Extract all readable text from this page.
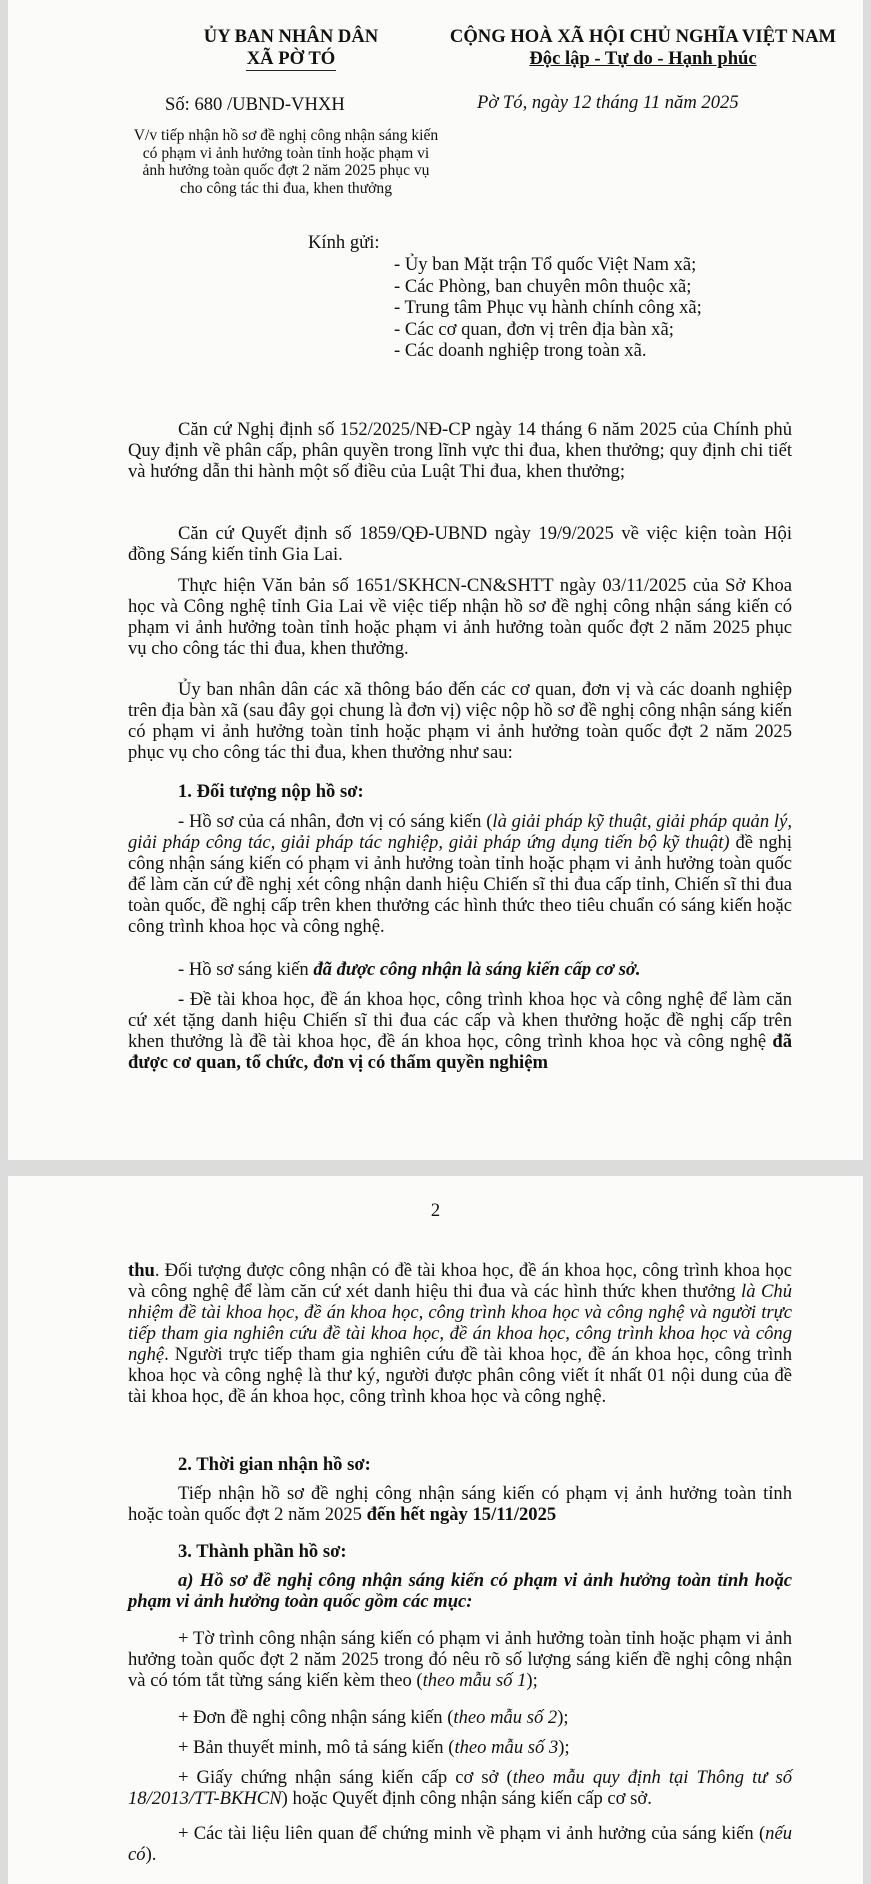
ỦY BAN NHÂN DÂN
XÃ PỜ TÓ
CỘNG HOÀ XÃ HỘI CHỦ NGHĨA VIỆT NAM
Độc lập - Tự do - Hạnh phúc
Số: 680 /UBND-VHXH	Pờ Tó, ngày 12 tháng 11 năm 2025
V/v tiếp nhận hồ sơ đề nghị công nhận sáng kiến
có phạm vi ảnh hưởng toàn tỉnh hoặc phạm vi
ảnh hưởng toàn quốc đợt 2 năm 2025 phục vụ
cho công tác thi đua, khen thưởng
Kính gửi:
- Ủy ban Mặt trận Tổ quốc Việt Nam xã;
- Các Phòng, ban chuyên môn thuộc xã;
- Trung tâm Phục vụ hành chính công xã;
- Các cơ quan, đơn vị trên địa bàn xã;
- Các doanh nghiệp trong toàn xã.

Căn cứ Nghị định số 152/2025/NĐ-CP ngày 14 tháng 6 năm 2025 của Chính phủ Quy định về phân cấp, phân quyền trong lĩnh vực thi đua, khen thưởng; quy định chi tiết và hướng dẫn thi hành một số điều của Luật Thi đua, khen thưởng;

Căn cứ Quyết định số 1859/QĐ-UBND ngày 19/9/2025 về việc kiện toàn Hội đồng Sáng kiến tỉnh Gia Lai.

Thực hiện Văn bản số 1651/SKHCN-CN&SHTT ngày 03/11/2025 của Sở Khoa học và Công nghệ tỉnh Gia Lai về việc tiếp nhận hồ sơ đề nghị công nhận sáng kiến có phạm vi ảnh hưởng toàn tỉnh hoặc phạm vi ảnh hưởng toàn quốc đợt 2 năm 2025 phục vụ cho công tác thi đua, khen thưởng.

Ủy ban nhân dân các xã thông báo đến các cơ quan, đơn vị và các doanh nghiệp trên địa bàn xã (sau đây gọi chung là đơn vị) việc nộp hồ sơ đề nghị công nhận sáng kiến có phạm vi ảnh hưởng toàn tỉnh hoặc phạm vi ảnh hưởng toàn quốc đợt 2 năm 2025 phục vụ cho công tác thi đua, khen thưởng như sau:

1. Đối tượng nộp hồ sơ:

- Hồ sơ của cá nhân, đơn vị có sáng kiến (là giải pháp kỹ thuật, giải pháp quản lý, giải pháp công tác, giải pháp tác nghiệp, giải pháp ứng dụng tiến bộ kỹ thuật) đề nghị công nhận sáng kiến có phạm vi ảnh hưởng toàn tỉnh hoặc phạm vi ảnh hưởng toàn quốc để làm căn cứ đề nghị xét công nhận danh hiệu Chiến sĩ thi đua cấp tỉnh, Chiến sĩ thi đua toàn quốc, đề nghị cấp trên khen thưởng các hình thức theo tiêu chuẩn có sáng kiến hoặc công trình khoa học và công nghệ.

- Hồ sơ sáng kiến đã được công nhận là sáng kiến cấp cơ sở.

- Đề tài khoa học, đề án khoa học, công trình khoa học và công nghệ để làm căn cứ xét tặng danh hiệu Chiến sĩ thi đua các cấp và khen thưởng hoặc đề nghị cấp trên khen thưởng là đề tài khoa học, đề án khoa học, công trình khoa học và công nghệ đã được cơ quan, tổ chức, đơn vị có thẩm quyền nghiệm

2

thu. Đối tượng được công nhận có đề tài khoa học, đề án khoa học, công trình khoa học và công nghệ để làm căn cứ xét danh hiệu thi đua và các hình thức khen thưởng là Chủ nhiệm đề tài khoa học, đề án khoa học, công trình khoa học và công nghệ và người trực tiếp tham gia nghiên cứu đề tài khoa học, đề án khoa học, công trình khoa học và công nghệ. Người trực tiếp tham gia nghiên cứu đề tài khoa học, đề án khoa học, công trình khoa học và công nghệ là thư ký, người được phân công viết ít nhất 01 nội dung của đề tài khoa học, đề án khoa học, công trình khoa học và công nghệ.

2. Thời gian nhận hồ sơ:

Tiếp nhận hồ sơ đề nghị công nhận sáng kiến có phạm vị ảnh hưởng toàn tỉnh hoặc toàn quốc đợt 2 năm 2025 đến hết ngày 15/11/2025

3. Thành phần hồ sơ:

a) Hồ sơ đề nghị công nhận sáng kiến có phạm vi ảnh hưởng toàn tỉnh hoặc phạm vi ảnh hưởng toàn quốc gồm các mục:

+ Tờ trình công nhận sáng kiến có phạm vi ảnh hưởng toàn tỉnh hoặc phạm vi ảnh hưởng toàn quốc đợt 2 năm 2025 trong đó nêu rõ số lượng sáng kiến đề nghị công nhận và có tóm tắt từng sáng kiến kèm theo (theo mẫu số 1);

+ Đơn đề nghị công nhận sáng kiến (theo mẫu số 2);

+ Bản thuyết minh, mô tả sáng kiến (theo mẫu số 3);

+ Giấy chứng nhận sáng kiến cấp cơ sở (theo mẫu quy định tại Thông tư số 18/2013/TT-BKHCN) hoặc Quyết định công nhận sáng kiến cấp cơ sở.

+ Các tài liệu liên quan để chứng minh về phạm vi ảnh hưởng của sáng kiến (nếu có).
